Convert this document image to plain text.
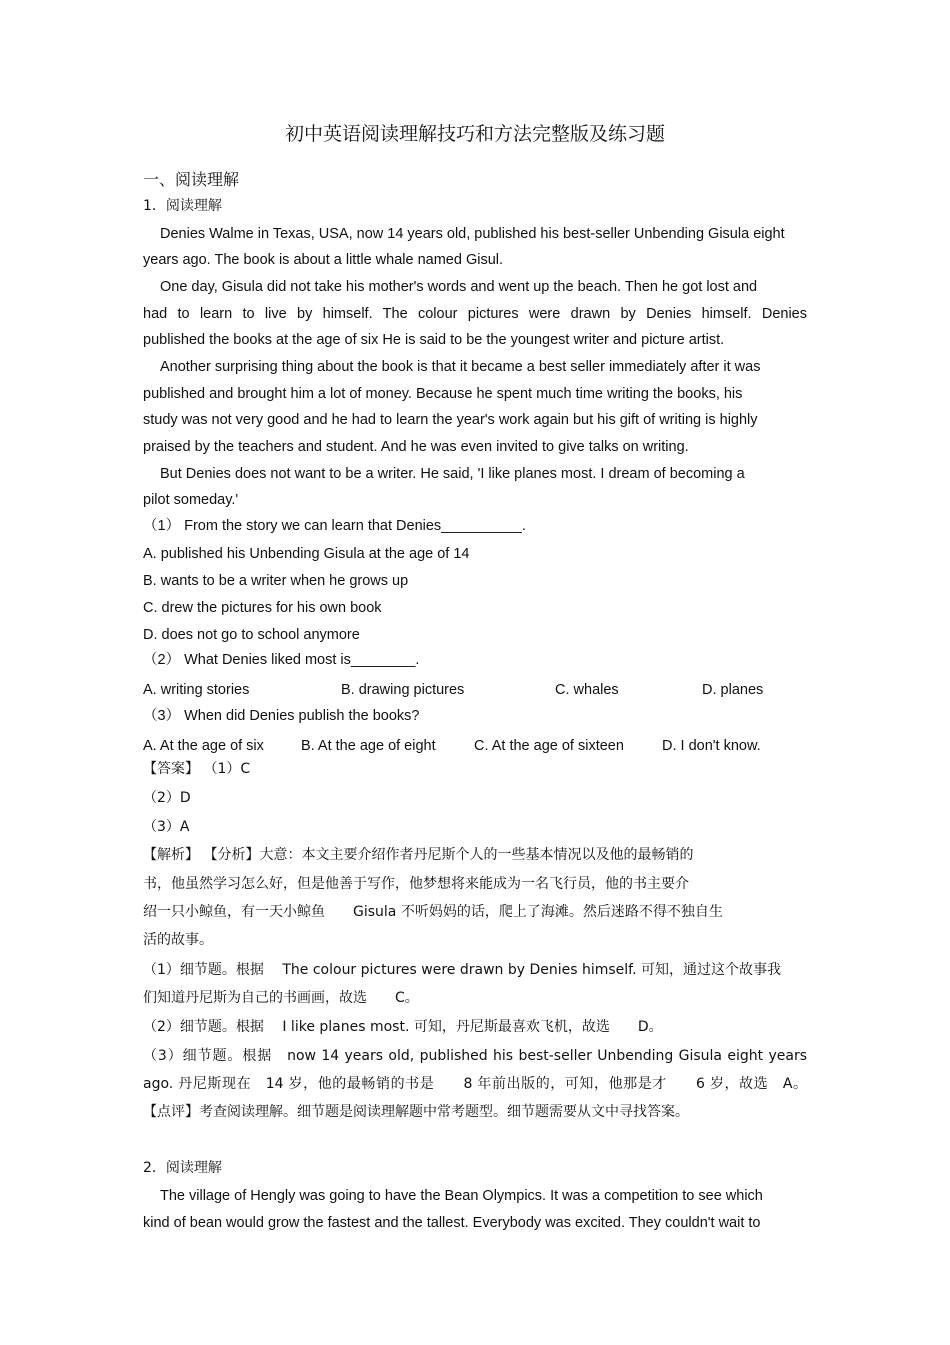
初中英语阅读理解技巧和方法完整版及练习题
一、阅读理解
1．阅读理解
Denies Walme in Texas, USA, now 14 years old, published his best-seller Unbending Gisula eight
years ago. The book is about a little whale named Gisul.
One day, Gisula did not take his mother's words and went up the beach. Then he got lost and
had to learn to live by himself. The colour pictures were drawn by Denies himself. Denies
published the books at the age of six He is said to be the youngest writer and picture artist.
Another surprising thing about the book is that it became a best seller immediately after it was
published and brought him a lot of money. Because he spent much time writing the books, his
study was not very good and he had to learn the year's work again but his gift of writing is highly
praised by the teachers and student. And he was even invited to give talks on writing.
But Denies does not want to be a writer. He said, 'I like planes most. I dream of becoming a
pilot someday.'
（1） From the story we can learn that Denies__________.
A. published his Unbending Gisula at the age of 14
B. wants to be a writer when he grows up
C. drew the pictures for his own book
D. does not go to school anymore
（2） What Denies liked most is________.
A. writing stories	B. drawing pictures	C. whales	D. planes
（3） When did Denies publish the books?
A. At the age of six	B. At the age of eight	C. At the age of sixteen	D. I don't know.
【答案】 （1）C
（2）D
（3）A
【解析】 【分析】大意：本文主要介绍作者丹尼斯个人的一些基本情况以及他的最畅销的
书，他虽然学习怎么好，但是他善于写作，他梦想将来能成为一名飞行员，他的书主要介
绍一只小鲸鱼，有一天小鲸鱼　　Gisula 不听妈妈的话，爬上了海滩。然后迷路不得不独自生
活的故事。
（1）细节题。根据　 The colour pictures were drawn by Denies himself. 可知，通过这个故事我
们知道丹尼斯为自己的书画画，故选　　C。
（2）细节题。根据　 I like planes most. 可知，丹尼斯最喜欢飞机，故选　　D。
（3）细节题。根据　now 14 years old, published his best-seller Unbending Gisula eight years
ago. 丹尼斯现在　14 岁，他的最畅销的书是　　8 年前出版的，可知，他那是才　　6 岁，故选　A。
【点评】考查阅读理解。细节题是阅读理解题中常考题型。细节题需要从文中寻找答案。
2．阅读理解
The village of Hengly was going to have the Bean Olympics. It was a competition to see which
kind of bean would grow the fastest and the tallest. Everybody was excited. They couldn't wait to
